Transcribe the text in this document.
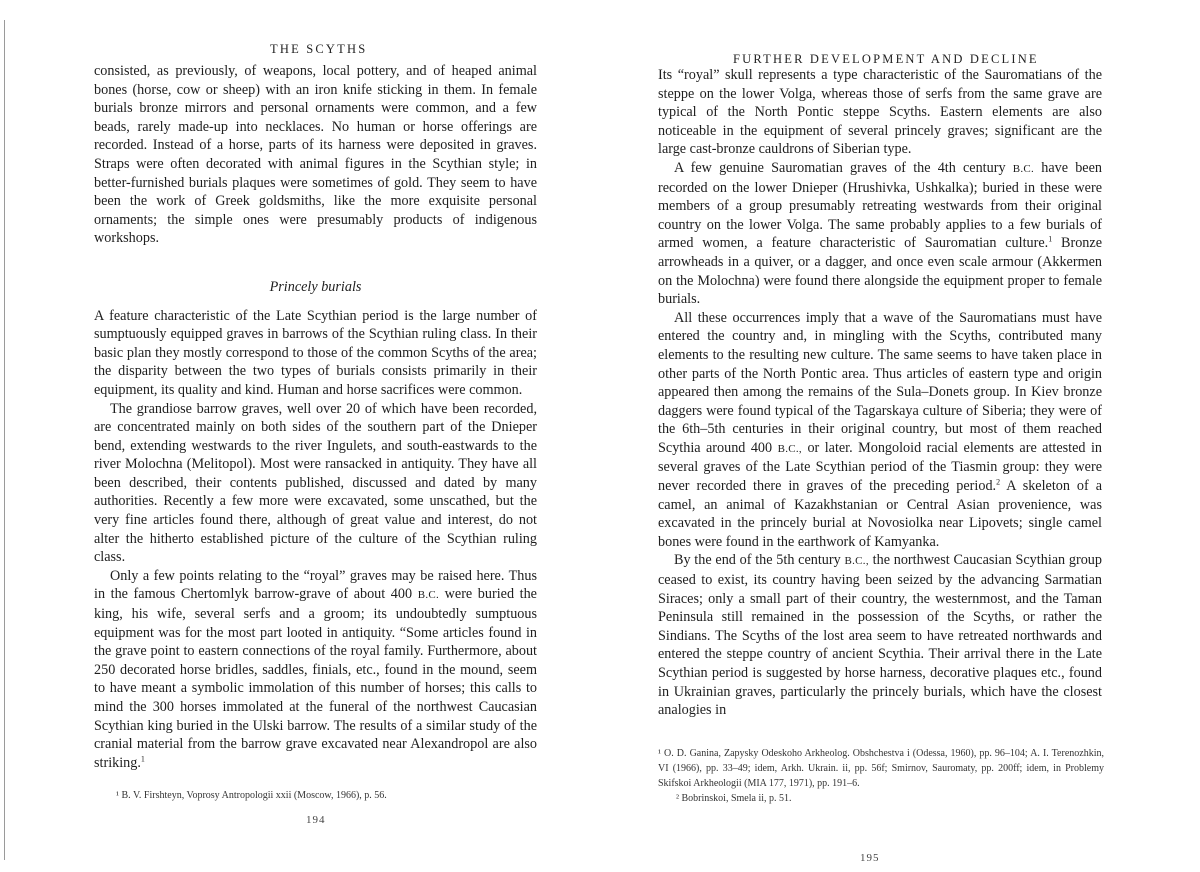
THE SCYTHS

consisted, as previously, of weapons, local pottery, and of heaped animal bones (horse, cow or sheep) with an iron knife sticking in them. In female burials bronze mirrors and personal ornaments were common, and a few beads, rarely made-up into necklaces. No human or horse offerings are recorded. Instead of a horse, parts of its harness were deposited in graves. Straps were often decorated with animal figures in the Scythian style; in better-furnished burials plaques were sometimes of gold. They seem to have been the work of Greek goldsmiths, like the more exquisite personal ornaments; the simple ones were presumably products of indigenous workshops.

Princely burials

A feature characteristic of the Late Scythian period is the large number of sumptuously equipped graves in barrows of the Scythian ruling class. In their basic plan they mostly correspond to those of the common Scyths of the area; the disparity between the two types of burials consists primarily in their equipment, its quality and kind. Human and horse sacrifices were common.

The grandiose barrow graves, well over 20 of which have been recorded, are concentrated mainly on both sides of the southern part of the Dnieper bend, extending westwards to the river Ingulets, and south-eastwards to the river Molochna (Melitopol). Most were ransacked in antiquity. They have all been described, their contents published, discussed and dated by many authorities. Recently a few more were excavated, some unscathed, but the very fine articles found there, although of great value and interest, do not alter the hitherto established picture of the culture of the Scythian ruling class.

Only a few points relating to the “royal” graves may be raised here. Thus in the famous Chertomlyk barrow-grave of about 400 B.C. were buried the king, his wife, several serfs and a groom; its undoubtedly sumptuous equipment was for the most part looted in antiquity. “Some articles found in the grave point to eastern connections of the royal family. Furthermore, about 250 decorated horse bridles, saddles, finials, etc., found in the mound, seem to have meant a symbolic immolation of this number of horses; this calls to mind the 300 horses immolated at the funeral of the northwest Caucasian Scythian king buried in the Ulski barrow. The results of a similar study of the cranial material from the barrow grave excavated near Alexandropol are also striking.$^1$

¹ B. V. Firshteyn, Voprosy Antropologii xxii (Moscow, 1966), p. 56.

194
FURTHER DEVELOPMENT AND DECLINE

Its “royal” skull represents a type characteristic of the Sauromatians of the steppe on the lower Volga, whereas those of serfs from the same grave are typical of the North Pontic steppe Scyths. Eastern elements are also noticeable in the equipment of several princely graves; significant are the large cast-bronze cauldrons of Siberian type.

A few genuine Sauromatian graves of the 4th century B.C. have been recorded on the lower Dnieper (Hrushivka, Ushkalka); buried in these were members of a group presumably retreating westwards from their original country on the lower Volga. The same probably applies to a few burials of armed women, a feature characteristic of Sauromatian culture.$^1$ Bronze arrowheads in a quiver, or a dagger, and once even scale armour (Akkermen on the Molochna) were found there alongside the equipment proper to female burials.

All these occurrences imply that a wave of the Sauromatians must have entered the country and, in mingling with the Scyths, contributed many elements to the resulting new culture. The same seems to have taken place in other parts of the North Pontic area. Thus articles of eastern type and origin appeared then among the remains of the Sula–Donets group. In Kiev bronze daggers were found typical of the Tagarskaya culture of Siberia; they were of the 6th–5th centuries in their original country, but most of them reached Scythia around 400 B.C., or later. Mongoloid racial elements are attested in several graves of the Late Scythian period of the Tiasmin group: they were never recorded there in graves of the preceding period.$^2$ A skeleton of a camel, an animal of Kazakhstanian or Central Asian provenience, was excavated in the princely burial at Novosiolka near Lipovets; single camel bones were found in the earthwork of Kamyanka.

By the end of the 5th century B.C., the northwest Caucasian Scythian group ceased to exist, its country having been seized by the advancing Sarmatian Siraces; only a small part of their country, the westernmost, and the Taman Peninsula still remained in the possession of the Scyths, or rather the Sindians. The Scyths of the lost area seem to have retreated northwards and entered the steppe country of ancient Scythia. Their arrival there in the Late Scythian period is suggested by horse harness, decorative plaques etc., found in Ukrainian graves, particularly the princely burials, which have the closest analogies in

¹ O. D. Ganina, Zapysky Odeskoho Arkheolog. Obshchestva i (Odessa, 1960), pp. 96–104; A. I. Terenozhkin, VI (1966), pp. 33–49; idem, Arkh. Ukrain. ii, pp. 56f; Smirnov, Sauromaty, pp. 200ff; idem, in Problemy Skifskoi Arkheologii (MIA 177, 1971), pp. 191–6.

² Bobrinskoi, Smela ii, p. 51.

195
